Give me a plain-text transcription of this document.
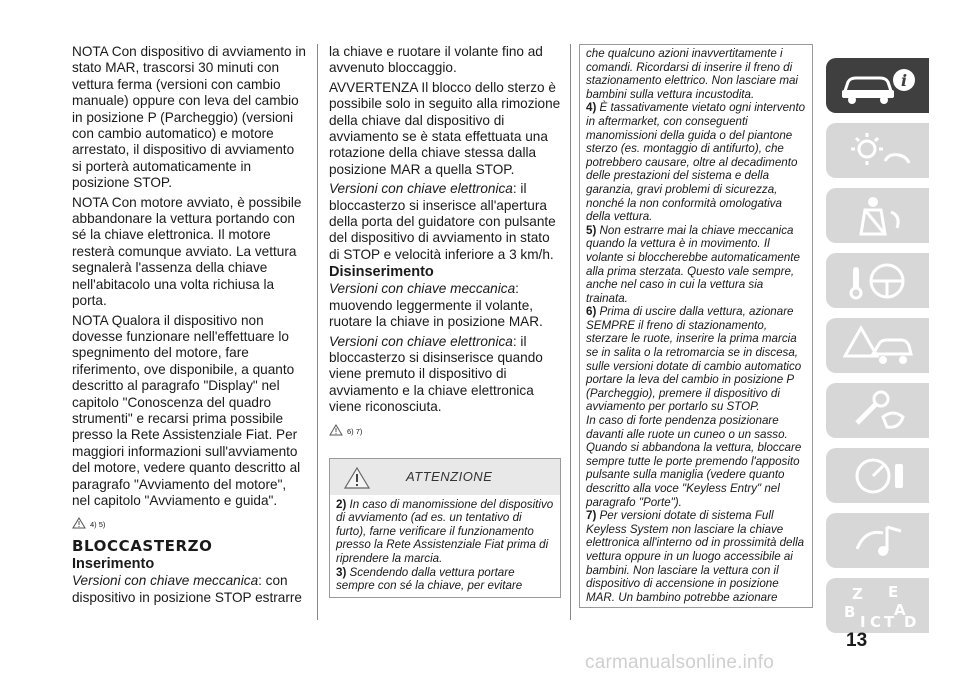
NOTA Con dispositivo di avviamento in stato MAR, trascorsi 30 minuti con vettura ferma (versioni con cambio manuale) oppure con leva del cambio in posizione P (Parcheggio) (versioni con cambio automatico) e motore arrestato, il dispositivo di avviamento si porterà automaticamente in posizione STOP.

NOTA Con motore avviato, è possibile abbandonare la vettura portando con sé la chiave elettronica. Il motore resterà comunque avviato. La vettura segnalerà l'assenza della chiave nell'abitacolo una volta richiusa la porta.

NOTA Qualora il dispositivo non dovesse funzionare nell'effettuare lo spegnimento del motore, fare riferimento, ove disponibile, a quanto descritto al paragrafo "Display" nel capitolo "Conoscenza del quadro strumenti" e recarsi prima possibile presso la Rete Assistenziale Fiat. Per maggiori informazioni sull'avviamento del motore, vedere quanto descritto al paragrafo "Avviamento del motore", nel capitolo "Avviamento e guida".

4) 5)
BLOCCASTERZO
Inserimento

Versioni con chiave meccanica: con dispositivo in posizione STOP estrarre

la chiave e ruotare il volante fino ad avvenuto bloccaggio.

AVVERTENZA Il blocco dello sterzo è possibile solo in seguito alla rimozione della chiave dal dispositivo di avviamento se è stata effettuata una rotazione della chiave stessa dalla posizione MAR a quella STOP.

Versioni con chiave elettronica: il bloccasterzo si inserisce all'apertura della porta del guidatore con pulsante del dispositivo di avviamento in stato di STOP e velocità inferiore a 3 km/h.

Disinserimento

Versioni con chiave meccanica: muovendo leggermente il volante, ruotare la chiave in posizione MAR.

Versioni con chiave elettronica: il bloccasterzo si disinserisce quando viene premuto il dispositivo di avviamento e la chiave elettronica viene riconosciuta.

6) 7)
ATTENZIONE

2) In caso di manomissione del dispositivo di avviamento (ad es. un tentativo di furto), farne verificare il funzionamento presso la Rete Assistenziale Fiat prima di riprendere la marcia.

3) Scendendo dalla vettura portare sempre con sé la chiave, per evitare

che qualcuno azioni inavvertitamente i comandi. Ricordarsi di inserire il freno di stazionamento elettrico. Non lasciare mai bambini sulla vettura incustodita.

4) È tassativamente vietato ogni intervento in aftermarket, con conseguenti manomissioni della guida o del piantone sterzo (es. montaggio di antifurto), che potrebbero causare, oltre al decadimento delle prestazioni del sistema e della garanzia, gravi problemi di sicurezza, nonché la non conformità omologativa della vettura.

5) Non estrarre mai la chiave meccanica quando la vettura è in movimento. Il volante si bloccherebbe automaticamente alla prima sterzata. Questo vale sempre, anche nel caso in cui la vettura sia trainata.

6) Prima di uscire dalla vettura, azionare SEMPRE il freno di stazionamento, sterzare le ruote, inserire la prima marcia se in salita o la retromarcia se in discesa, sulle versioni dotate di cambio automatico portare la leva del cambio in posizione P (Parcheggio), premere il dispositivo di avviamento per portarlo su STOP.

In caso di forte pendenza posizionare davanti alle ruote un cuneo o un sasso. Quando si abbandona la vettura, bloccare sempre tutte le porte premendo l'apposito pulsante sulla maniglia (vedere quanto descritto alla voce "Keyless Entry" nel paragrafo "Porte").

7) Per versioni dotate di sistema Full Keyless System non lasciare la chiave elettronica all'interno od in prossimità della vettura oppure in un luogo accessibile ai bambini. Non lasciare la vettura con il dispositivo di accensione in posizione MAR. Un bambino potrebbe azionare

i
Z E
B	A
I C T D
13
carmanualsonline.info
